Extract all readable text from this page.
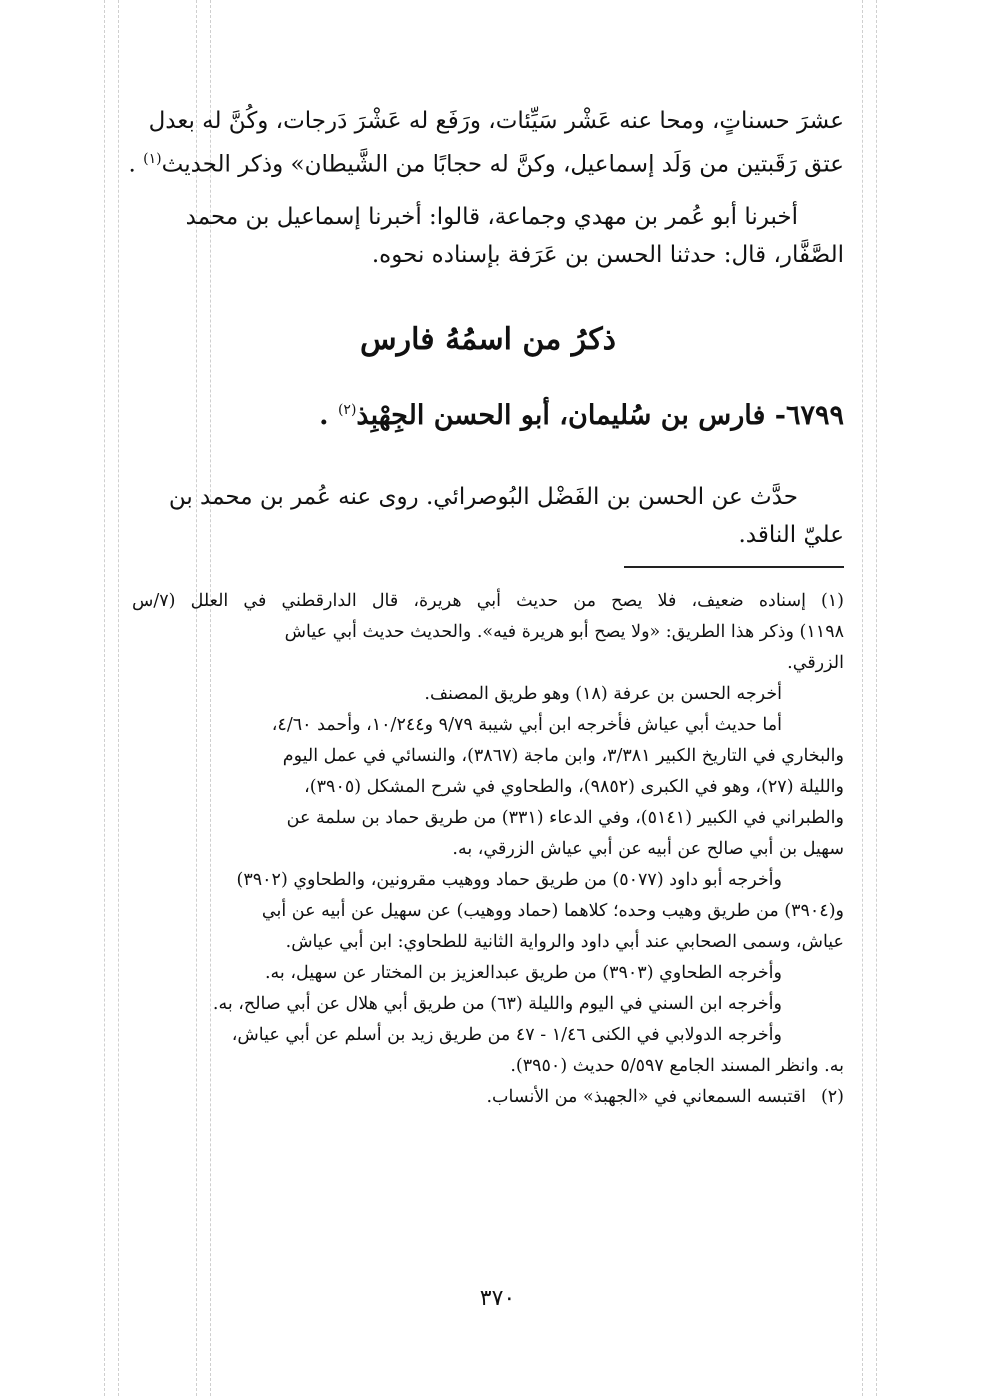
عشرَ حسناتٍ، ومحا عنه عَشْر سَيِّئات، ورَفَع له عَشْرَ دَرجات، وكُنَّ له بعدل

عتق رَقَبتين من وَلَد إسماعيل، وكنَّ له حجابًا من الشَّيطان» وذكر الحديث$^{(١)}$ .

أخبرنا أبو عُمر بن مهدي وجماعة، قالوا: أخبرنا إسماعيل بن محمد

الصَّفَّار، قال: حدثنا الحسن بن عَرَفة بإسناده نحوه.

ذكرُ من اسمُهُ فارس
٦٧٩٩- فارس بن سُليمان، أبو الحسن الجِهْبِذ$^{(٢)}$ .

حدَّث عن الحسن بن الفَضْل البُوصرائي. روى عنه عُمر بن محمد بن

عليّ الناقد.

(١)
إسناده ضعيف، فلا يصح من حديث أبي هريرة، قال الدارقطني في العلل (٧/س

١١٩٨) وذكر هذا الطريق: «ولا يصح أبو هريرة فيه». والحديث حديث أبي عياش

الزرقي.

أخرجه الحسن بن عرفة (١٨) وهو طريق المصنف.

أما حديث أبي عياش فأخرجه ابن أبي شيبة ٩/٧٩ و١٠/٢٤٤، وأحمد ٤/٦٠،

والبخاري في التاريخ الكبير ٣/٣٨١، وابن ماجة (٣٨٦٧)، والنسائي في عمل اليوم

والليلة (٢٧)، وهو في الكبرى (٩٨٥٢)، والطحاوي في شرح المشكل (٣٩٠٥)،

والطبراني في الكبير (٥١٤١)، وفي الدعاء (٣٣١) من طريق حماد بن سلمة عن

سهيل بن أبي صالح عن أبيه عن أبي عياش الزرقي، به.

وأخرجه أبو داود (٥٠٧٧) من طريق حماد ووهيب مقرونين، والطحاوي (٣٩٠٢)

و(٣٩٠٤) من طريق وهيب وحده؛ كلاهما (حماد ووهيب) عن سهيل عن أبيه عن أبي

عياش، وسمى الصحابي عند أبي داود والرواية الثانية للطحاوي: ابن أبي عياش.

وأخرجه الطحاوي (٣٩٠٣) من طريق عبدالعزيز بن المختار عن سهيل، به.

وأخرجه ابن السني في اليوم والليلة (٦٣) من طريق أبي هلال عن أبي صالح، به.

وأخرجه الدولابي في الكنى ١/٤٦ - ٤٧ من طريق زيد بن أسلم عن أبي عياش،

به. وانظر المسند الجامع ٥/٥٩٧ حديث (٣٩٥٠).

(٢)
اقتبسه السمعاني في «الجهبذ» من الأنساب.
٣٧٠
